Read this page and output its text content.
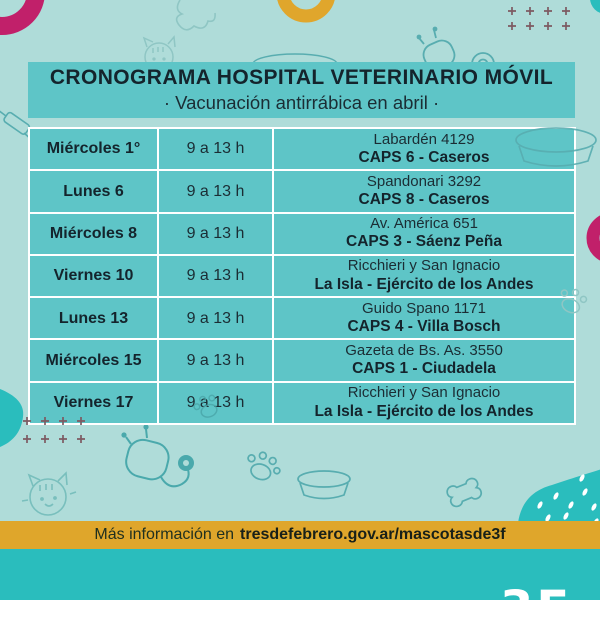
CRONOGRAMA HOSPITAL VETERINARIO MÓVIL
· Vacunación antirrábica en abril ·
Miércoles 1°	9 a 13 h
Labardén 4129
CAPS 6 - Caseros
Lunes 6	9 a 13 h
Spandonari 3292
CAPS 8 - Caseros
Miércoles 8	9 a 13 h
Av. América 651
CAPS 3 - Sáenz Peña
Viernes 10	9 a 13 h
Ricchieri y San Ignacio
La Isla - Ejército de los Andes
Lunes 13	9 a 13 h
Guido Spano 1171
CAPS 4 - Villa Bosch
Miércoles 15	9 a 13 h
Gazeta de Bs. As. 3550
CAPS 1 - Ciudadela
Viernes 17	9 a 13 h
Ricchieri y San Ignacio
La Isla - Ejército de los Andes
Más información en tresdefebrero.gov.ar/mascotasde3f
3F
